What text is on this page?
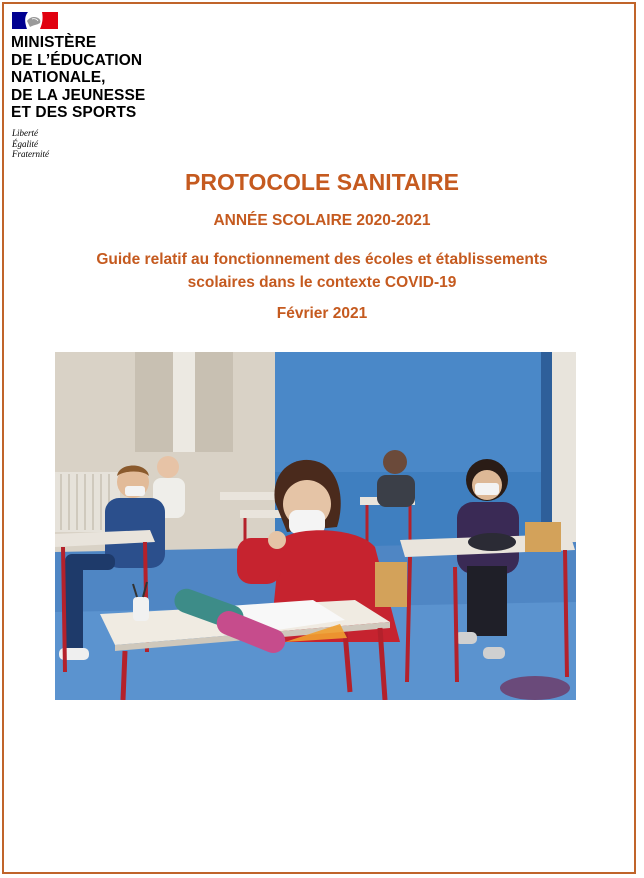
MINISTÈRE
DE L’ÉDUCATION
NATIONALE,
DE LA JEUNESSE
ET DES SPORTS
Liberté
Égalité
Fraternité
PROTOCOLE SANITAIRE
ANNÉE SCOLAIRE 2020-2021
Guide relatif au fonctionnement des écoles et établissements
scolaires dans le contexte COVID-19
Février 2021
